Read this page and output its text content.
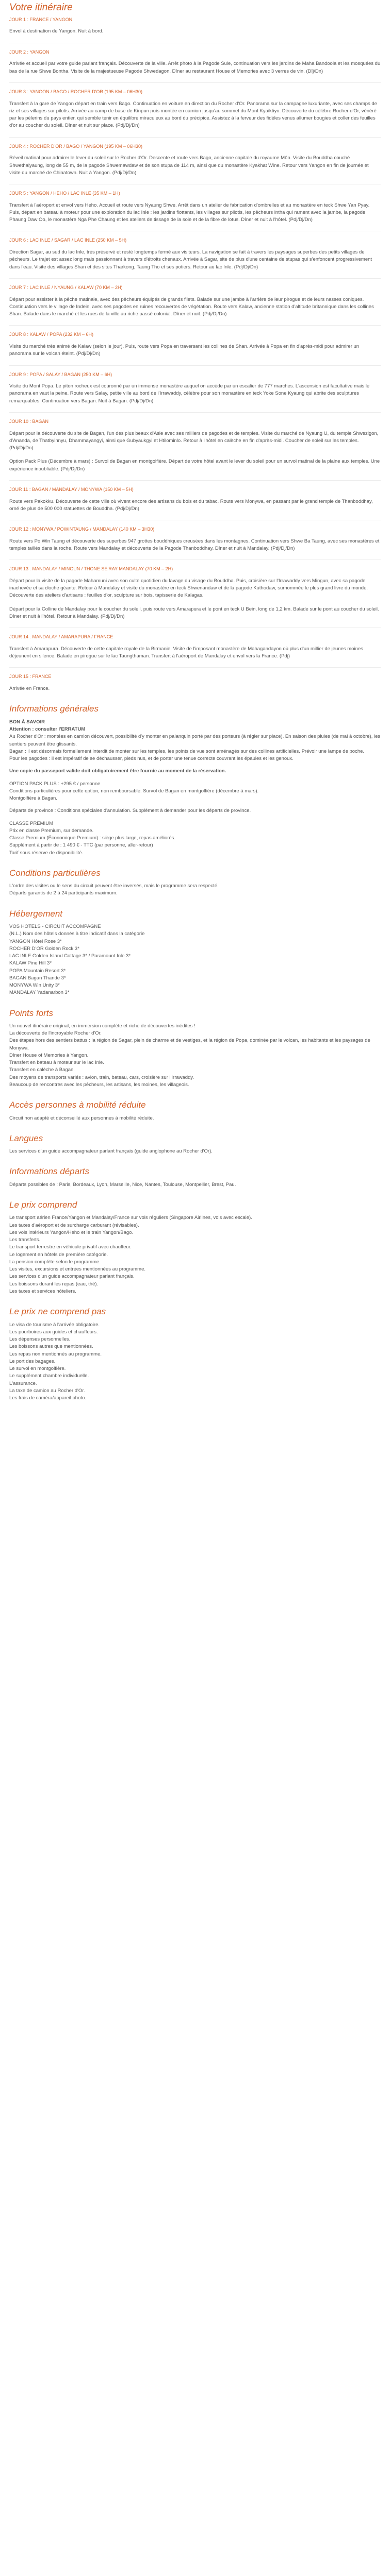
Votre itinéraire
JOUR 1 : FRANCE / YANGON

Envol à destination de Yangon. Nuit à bord.

JOUR 2 : YANGON

Arrivée et accueil par votre guide parlant français. Découverte de la ville. Arrêt photo à la Pagode Sule, continuation vers les jardins de Maha Bandoola et les mosquées du bas de la rue Shwe Bontha. Visite de la majestueuse Pagode Shwedagon. Dîner au restaurant House of Memories avec 3 verres de vin. (Dîj/Dn)

JOUR 3 : YANGON / BAGO / ROCHER D'OR (195 KM – 06H30)

Transfert à la gare de Yangon départ en train vers Bago. Continuation en voiture en direction du Rocher d'Or. Panorama sur la campagne luxuriante, avec ses champs de riz et ses villages sur pilotis. Arrivée au camp de base de Kinpun puis montée en camion jusqu'au sommet du Mont Kyaiktiyo. Découverte du célèbre Rocher d'Or, vénéré par les pèlerins du pays entier, qui semble tenir en équilibre miraculeux au bord du précipice. Assistez à la ferveur des fidèles venus allumer bougies et coller des feuilles d'or au coucher du soleil. Dîner et nuit sur place. (Pdj/Dj/Dn)

JOUR 4 : ROCHER D'OR / BAGO / YANGON (195 KM – 06H30)

Réveil matinal pour admirer le lever du soleil sur le Rocher d'Or. Descente et route vers Bago, ancienne capitale du royaume Môn. Visite du Bouddha couché Shwethalyaung, long de 55 m, de la pagode Shwemawdaw et de son stupa de 114 m, ainsi que du monastère Kyakhat Wine. Retour vers Yangon en fin de journée et visite du marché de Chinatown. Nuit à Yangon. (Pdj/Dj/Dn)

JOUR 5 : YANGON / HEHO / LAC INLE (35 KM – 1H)

Transfert à l'aéroport et envol vers Heho. Accueil et route vers Nyaung Shwe. Arrêt dans un atelier de fabrication d'ombrelles et au monastère en teck Shwe Yan Pyay. Puis, départ en bateau à moteur pour une exploration du lac Inle : les jardins flottants, les villages sur pilotis, les pêcheurs intha qui rament avec la jambe, la pagode Phaung Daw Oo, le monastère Nga Phe Chaung et les ateliers de tissage de la soie et de la fibre de lotus. Dîner et nuit à l'hôtel. (Pdj/Dj/Dn)

JOUR 6 : LAC INLE / SAGAR / LAC INLE (250 KM – 5H)

Direction Sagar, au sud du lac Inle, très préservé et resté longtemps fermé aux visiteurs. La navigation se fait à travers les paysages superbes des petits villages de pêcheurs. Le trajet est assez long mais passionnant à travers d'étroits chenaux. Arrivée à Sagar, site de plus d'une centaine de stupas qui s'enfoncent progressivement dans l'eau. Visite des villages Shan et des sites Tharkong, Taung Tho et ses potiers. Retour au lac Inle. (Pdj/Dj/Dn)

JOUR 7 : LAC INLE / NYAUNG / KALAW (70 KM – 2H)

Départ pour assister à la pêche matinale, avec des pêcheurs équipés de grands filets. Balade sur une jambe à l'arrière de leur pirogue et de leurs nasses coniques. Continuation vers le village de Indein, avec ses pagodes en ruines recouvertes de végétation. Route vers Kalaw, ancienne station d'altitude britannique dans les collines Shan. Balade dans le marché et les rues de la ville au riche passé colonial. Dîner et nuit. (Pdj/Dj/Dn)

JOUR 8 : KALAW / POPA (232 KM – 6H)

Visite du marché très animé de Kalaw (selon le jour). Puis, route vers Popa en traversant les collines de Shan. Arrivée à Popa en fin d'après-midi pour admirer un panorama sur le volcan éteint. (Pdj/Dj/Dn)

JOUR 9 : POPA / SALAY / BAGAN (250 KM – 6H)

Visite du Mont Popa. Le piton rocheux est couronné par un immense monastère auquel on accède par un escalier de 777 marches. L'ascension est facultative mais le panorama en vaut la peine. Route vers Salay, petite ville au bord de l'Irrawaddy, célèbre pour son monastère en teck Yoke Sone Kyaung qui abrite des sculptures remarquables. Continuation vers Bagan. Nuit à Bagan. (Pdj/Dj/Dn)

JOUR 10 : BAGAN

Départ pour la découverte du site de Bagan, l'un des plus beaux d'Asie avec ses milliers de pagodes et de temples. Visite du marché de Nyaung U, du temple Shwezigon, d'Ananda, de Thatbyinnyu, Dhammayangyi, ainsi que Gubyaukgyi et Htilominlo. Retour à l'hôtel en calèche en fin d'après-midi. Coucher de soleil sur les temples. (Pdj/Dj/Dn)

Option Pack Plus (Décembre à mars) : Survol de Bagan en montgolfière. Départ de votre hôtel avant le lever du soleil pour un survol matinal de la plaine aux temples. Une expérience inoubliable. (Pdj/Dj/Dn)

JOUR 11 : BAGAN / MANDALAY / MONYWA (150 KM – 5H)

Route vers Pakokku. Découverte de cette ville où vivent encore des artisans du bois et du tabac. Route vers Monywa, en passant par le grand temple de Thanboddhay, orné de plus de 500 000 statuettes de Bouddha. (Pdj/Dj/Dn)

JOUR 12 : MONYWA / POWINTAUNG / MANDALAY (140 KM – 3H30)

Route vers Po Win Taung et découverte des superbes 947 grottes bouddhiques creusées dans les montagnes. Continuation vers Shwe Ba Taung, avec ses monastères et temples taillés dans la roche. Route vers Mandalay et découverte de la Pagode Thanboddhay. Dîner et nuit à Mandalay. (Pdj/Dj/Dn)

JOUR 13 : MANDALAY / MINGUN / THONE SE'RAY MANDALAY (70 KM – 2H)

Départ pour la visite de la pagode Mahamuni avec son culte quotidien du lavage du visage du Bouddha. Puis, croisière sur l'Irrawaddy vers Mingun, avec sa pagode inachevée et sa cloche géante. Retour à Mandalay et visite du monastère en teck Shwenandaw et de la pagode Kuthodaw, surnommée le plus grand livre du monde. Découverte des ateliers d'artisans : feuilles d'or, sculpture sur bois, tapisserie de Kalagas.

Départ pour la Colline de Mandalay pour le coucher du soleil, puis route vers Amarapura et le pont en teck U Bein, long de 1,2 km. Balade sur le pont au coucher du soleil. Dîner et nuit à l'hôtel. Retour à Mandalay. (Pdj/Dj/Dn)

JOUR 14 : MANDALAY / AMARAPURA / FRANCE

Transfert à Amarapura. Découverte de cette capitale royale de la Birmanie. Visite de l'imposant monastère de Mahagandayon où plus d'un millier de jeunes moines déjeunent en silence. Balade en pirogue sur le lac Taungthaman. Transfert à l'aéroport de Mandalay et envol vers la France. (Pdj)

JOUR 15 : FRANCE

Arrivée en France.

Informations générales

BON À SAVOIR

Attention : consulter l'ERRATUM

Au Rocher d'Or : montées en camion découvert, possibilité d'y monter en palanquin porté par des porteurs (à régler sur place). En saison des pluies (de mai à octobre), les sentiers peuvent être glissants.

Bagan : il est désormais formellement interdit de monter sur les temples, les points de vue sont aménagés sur des collines artificielles. Prévoir une lampe de poche.

Pour les pagodes : il est impératif de se déchausser, pieds nus, et de porter une tenue correcte couvrant les épaules et les genoux.

Une copie du passeport valide doit obligatoirement être fournie au moment de la réservation.

OPTION PACK PLUS : +295 € / personne

Conditions particulières pour cette option, non remboursable. Survol de Bagan en montgolfière (décembre à mars).

Montgolfière à Bagan.

Départs de province : Conditions spéciales d'annulation. Supplément à demander pour les départs de province.

CLASSE PREMIUM

Prix en classe Premium, sur demande.

Classe Premium (Économique Premium) : siège plus large, repas améliorés.

Supplément à partir de : 1 490 € - TTC (par personne, aller-retour)

Tarif sous réserve de disponibilité.

Conditions particulières

L'ordre des visites ou le sens du circuit peuvent être inversés, mais le programme sera respecté.

Départs garantis de 2 à 24 participants maximum.

Hébergement

VOS HOTELS - CIRCUIT ACCOMPAGNÉ

(N.L.) Nom des hôtels donnés à titre indicatif dans la catégorie

YANGON Hôtel Rose 3*

ROCHER D'OR Golden Rock 3*

LAC INLE Golden Island Cottage 3* / Paramount Inle 3*

KALAW Pine Hill 3*

POPA Mountain Resort 3*

BAGAN Bagan Thande 3*

MONYWA Win Unity 3*

MANDALAY Yadanarbon 3*

Points forts

Un nouvel itinéraire original, en immersion complète et riche de découvertes inédites !

La découverte de l'incroyable Rocher d'Or.

Des étapes hors des sentiers battus : la région de Sagar, plein de charme et de vestiges, et la région de Popa, dominée par le volcan, les habitants et les paysages de Monywa.

Dîner House of Memories à Yangon.

Transfert en bateau à moteur sur le lac Inle.

Transfert en calèche à Bagan.

Des moyens de transports variés : avion, train, bateau, cars, croisière sur l'Irrawaddy.

Beaucoup de rencontres avec les pêcheurs, les artisans, les moines, les villageois.

Accès personnes à mobilité réduite

Circuit non adapté et déconseillé aux personnes à mobilité réduite.

Langues

Les services d'un guide accompagnateur parlant français (guide anglophone au Rocher d'Or).

Informations départs

Départs possibles de : Paris, Bordeaux, Lyon, Marseille, Nice, Nantes, Toulouse, Montpellier, Brest, Pau.

Le prix comprend

Le transport aérien France/Yangon et Mandalay/France sur vols réguliers (Singapore Airlines, vols avec escale).

Les taxes d'aéroport et de surcharge carburant (révisables).

Les vols intérieurs Yangon/Heho et le train Yangon/Bago.

Les transferts.

Le transport terrestre en véhicule privatif avec chauffeur.

Le logement en hôtels de première catégorie.

La pension complète selon le programme.

Les visites, excursions et entrées mentionnées au programme.

Les services d'un guide accompagnateur parlant français.

Les boissons durant les repas (eau, thé).

Les taxes et services hôteliers.

Le prix ne comprend pas

Le visa de tourisme à l'arrivée obligatoire.

Les pourboires aux guides et chauffeurs.

Les dépenses personnelles.

Les boissons autres que mentionnées.

Les repas non mentionnés au programme.

Le port des bagages.

Le survol en montgolfière.

Le supplément chambre individuelle.

L'assurance.

La taxe de camion au Rocher d'Or.

Les frais de caméra/appareil photo.
